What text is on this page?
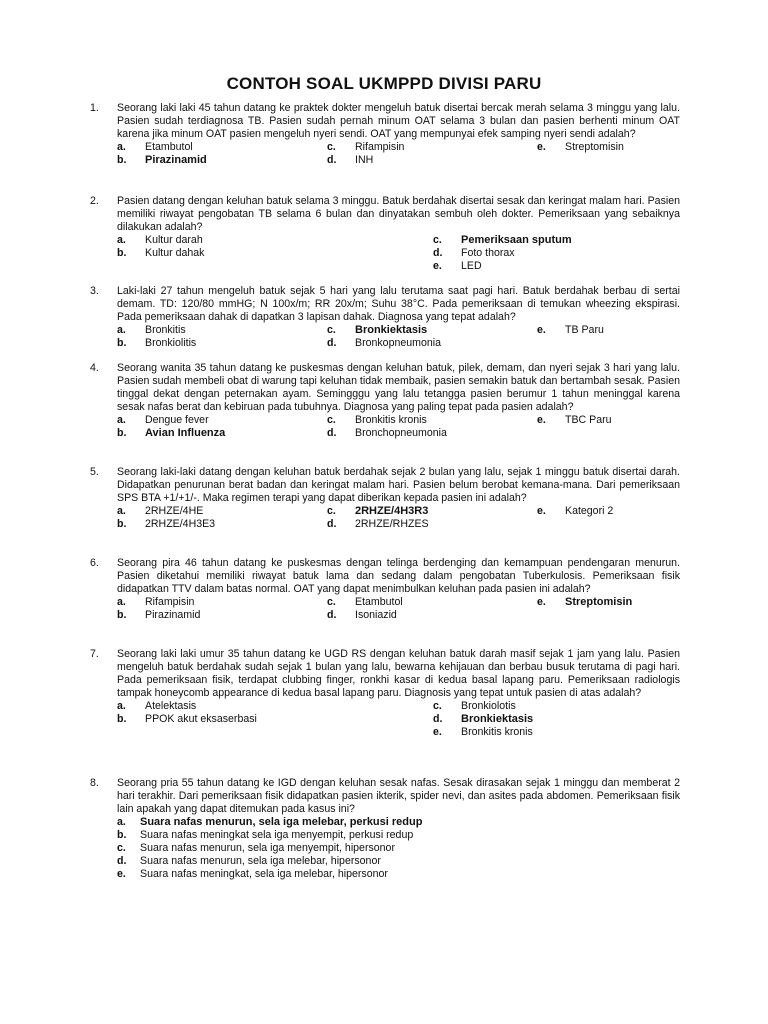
CONTOH SOAL UKMPPD DIVISI PARU
1. Seorang laki laki 45 tahun datang ke praktek dokter mengeluh batuk disertai bercak merah selama 3 minggu yang lalu. Pasien sudah terdiagnosa TB. Pasien sudah pernah minum OAT selama 3 bulan dan pasien berhenti minum OAT karena jika minum OAT pasien mengeluh nyeri sendi. OAT yang mempunyai efek samping nyeri sendi adalah?
a. Etambutol
b. Pirazinamid
c. Rifampisin
d. INH
e. Streptomisin
2. Pasien datang dengan keluhan batuk selama 3 minggu. Batuk berdahak disertai sesak dan keringat malam hari. Pasien memiliki riwayat pengobatan TB selama 6 bulan dan dinyatakan sembuh oleh dokter. Pemeriksaan yang sebaiknya dilakukan adalah?
a. Kultur darah
b. Kultur dahak
c. Pemeriksaan sputum
d. Foto thorax
e. LED
3. Laki-laki 27 tahun mengeluh batuk sejak 5 hari yang lalu terutama saat pagi hari. Batuk berdahak berbau di sertai demam. TD: 120/80 mmHG; N 100x/m; RR 20x/m; Suhu 38°C. Pada pemeriksaan di temukan wheezing ekspirasi. Pada pemeriksaan dahak di dapatkan 3 lapisan dahak. Diagnosa yang tepat adalah?
a. Bronkitis
b. Bronkiolitis
c. Bronkiektasis
d. Bronkopneumonia
e. TB Paru
4. Seorang wanita 35 tahun datang ke puskesmas dengan keluhan batuk, pilek, demam, dan nyeri sejak 3 hari yang lalu. Pasien sudah membeli obat di warung tapi keluhan tidak membaik, pasien semakin batuk dan bertambah sesak. Pasien tinggal dekat dengan peternakan ayam. Semingggu yang lalu tetangga pasien berumur 1 tahun meninggal karena sesak nafas berat dan kebiruan pada tubuhnya. Diagnosa yang paling tepat pada pasien adalah?
a. Dengue fever
b. Avian Influenza
c. Bronkitis kronis
d. Bronchopneumonia
e. TBC Paru
5. Seorang laki-laki datang dengan keluhan batuk berdahak sejak 2 bulan yang lalu, sejak 1 minggu batuk disertai darah. Didapatkan penurunan berat badan dan keringat malam hari. Pasien belum berobat kemana-mana. Dari pemeriksaan SPS BTA +1/+1/-. Maka regimen terapi yang dapat diberikan kepada pasien ini adalah?
a. 2RHZE/4HE
b. 2RHZE/4H3E3
c. 2RHZE/4H3R3
d. 2RHZE/RHZES
e. Kategori 2
6. Seorang pira 46 tahun datang ke puskesmas dengan telinga berdenging dan kemampuan pendengaran menurun. Pasien diketahui memiliki riwayat batuk lama dan sedang dalam pengobatan Tuberkulosis. Pemeriksaan fisik didapatkan TTV dalam batas normal. OAT yang dapat menimbulkan keluhan pada pasien ini adalah?
a. Rifampisin
b. Pirazinamid
c. Etambutol
d. Isoniazid
e. Streptomisin
7. Seorang laki laki umur 35 tahun datang ke UGD RS dengan keluhan batuk darah masif sejak 1 jam yang lalu. Pasien mengeluh batuk berdahak sudah sejak 1 bulan yang lalu, bewarna kehijauan dan berbau busuk terutama di pagi hari. Pada pemeriksaan fisik, terdapat clubbing finger, ronkhi kasar di kedua basal lapang paru. Pemeriksaan radiologis tampak honeycomb appearance di kedua basal lapang paru. Diagnosis yang tepat untuk pasien di atas adalah?
a. Atelektasis
b. PPOK akut eksaserbasi
c. Bronkiolotis
d. Bronkiektasis
e. Bronkitis kronis
8. Seorang pria 55 tahun datang ke IGD dengan keluhan sesak nafas. Sesak dirasakan sejak 1 minggu dan memberat 2 hari terakhir. Dari pemeriksaan fisik didapatkan pasien ikterik, spider nevi, dan asites pada abdomen. Pemeriksaan fisik lain apakah yang dapat ditemukan pada kasus ini?
a. Suara nafas menurun, sela iga melebar, perkusi redup
b. Suara nafas meningkat sela iga menyempit, perkusi redup
c. Suara nafas menurun, sela iga menyempit, hipersonor
d. Suara nafas menurun, sela iga melebar, hipersonor
e. Suara nafas meningkat, sela iga melebar, hipersonor
